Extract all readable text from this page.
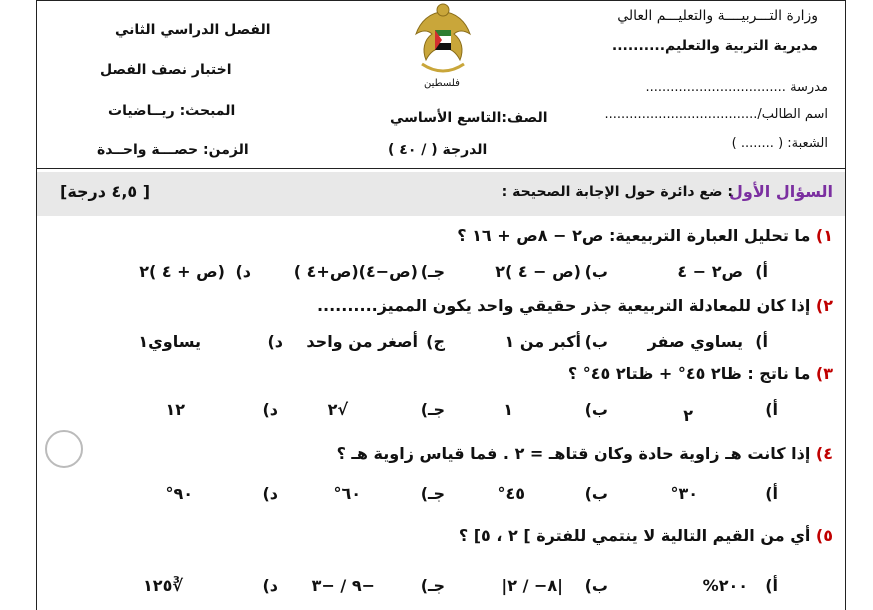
وزارة التـــربيــــة والتعليـــم العالي
مديرية التربية والتعليم..........
مدرسة ..................................
اسم الطالب/.....................................
الشعبة: ( ........ )
الفصل الدراسي الثاني
اختبار نصف الفصل
المبحث: ريــاضيات
الزمن: حصـــة واحــدة
فلسطين
الصف:التاسع الأساسي
الدرجة ( / ٤٠ )
السؤال الأول
: ضع دائرة حول الإجابة الصحيحة :
[ ٤,٥ درجة]
١) ما تحليل العبارة التربيعية: ص٢ − ٨ص + ١٦ ؟
أ)
ص٢ − ٤
ب)
(ص − ٤ )٢
جـ)
(ص−٤)(ص+٤ )
د)
(ص + ٤ )٢
٢) إذا كان للمعادلة التربيعية جذر حقيقي واحد يكون المميز..........
أ)
يساوي صفر
ب)
أكبر من ١
ج)
أصغر من واحد
د)
يساوي١
٣) ما ناتج : ظا٢ ٤٥° + ظتا٢ ٤٥° ؟
أ)
٢
ب)
١
جـ)
√٢
د)
١٢
٤) إذا كانت هـ زاوية حادة وكان قتاهـ = ٢ . فما قياس زاوية هـ ؟
أ)
٣٠°
ب)
٤٥°
جـ)
٦٠°
د)
٩٠°
٥) أي من القيم التالية لا ينتمي للفترة ] ٢ ، ٥] ؟
أ)
٢٠٠%
ب)
|٨− / ٢|
جـ)
−٩ / −٣
د)
∛١٢٥
